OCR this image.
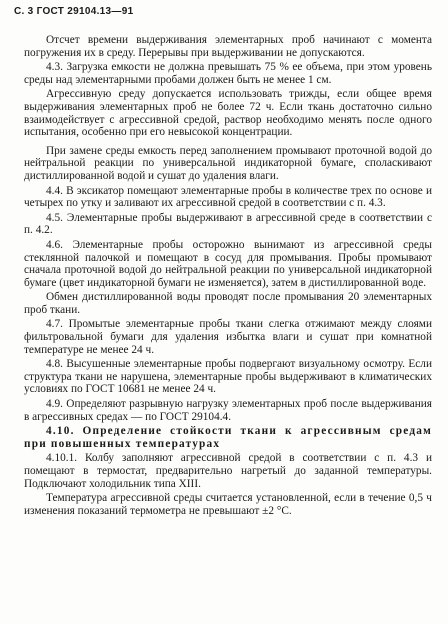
С. 3 ГОСТ 29104.13—91

Отсчет времени выдерживания элементарных проб начинают с момента погружения их в среду. Перерывы при выдерживании не допускаются.

4.3. Загрузка емкости не должна превышать 75 % ее объема, при этом уровень среды над элементарными пробами должен быть не менее 1 см.

Агрессивную среду допускается использовать трижды, если общее время выдерживания элементарных проб не более 72 ч. Если ткань достаточно сильно взаимодействует с агрессивной средой, раствор необходимо менять после одного испытания, особенно при его невысокой концентрации.

При замене среды емкость перед заполнением промывают проточной водой до нейтральной реакции по универсальной индикаторной бумаге, споласкивают дистиллированной водой и сушат до удаления влаги.

4.4. В эксикатор помещают элементарные пробы в количестве трех по основе и четырех по утку и заливают их агрессивной средой в соответствии с п. 4.3.

4.5. Элементарные пробы выдерживают в агрессивной среде в соответствии с п. 4.2.

4.6. Элементарные пробы осторожно вынимают из агрессивной среды стеклянной палочкой и помещают в сосуд для промывания. Пробы промывают сначала проточной водой до нейтральной реакции по универсальной индикаторной бумаге (цвет индикаторной бумаги не изменяется), затем в дистиллированной воде.

Обмен дистиллированной воды проводят после промывания 20 элементарных проб ткани.

4.7. Промытые элементарные пробы ткани слегка отжимают между слоями фильтровальной бумаги для удаления избытка влаги и сушат при комнатной температуре не менее 24 ч.

4.8. Высушенные элементарные пробы подвергают визуальному осмотру. Если структура ткани не нарушена, элементарные пробы выдерживают в климатических условиях по ГОСТ 10681 не менее 24 ч.

4.9. Определяют разрывную нагрузку элементарных проб после выдерживания в агрессивных средах — по ГОСТ 29104.4.

4.10. Определение стойкости ткани к агрессивным средам при повышенных температурах

4.10.1. Колбу заполняют агрессивной средой в соответствии с п. 4.3 и помещают в термостат, предварительно нагретый до заданной температуры. Подключают холодильник типа XIII.

Температура агрессивной среды считается установленной, если в течение 0,5 ч изменения показаний термометра не превышают ±2 °С.
